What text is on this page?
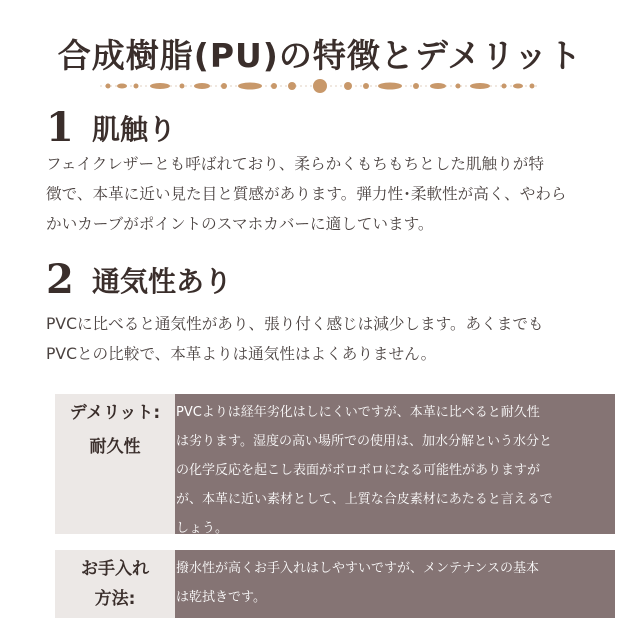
合成樹脂(PU)の特徴とデメリット
1 肌触り
フェイクレザーとも呼ばれており、柔らかくもちもちとした肌触りが特
徴で、本革に近い見た目と質感があります。弾力性･柔軟性が高く、やわら
かいカーブがポイントのスマホカバーに適しています。
2 通気性あり
PVCに比べると通気性があり、張り付く感じは減少します。あくまでも
PVCとの比較で、本革よりは通気性はよくありません。
デメリット:
耐久性
PVCよりは経年劣化はしにくいですが、本革に比べると耐久性
は劣ります。湿度の高い場所での使用は、加水分解という水分と
の化学反応を起こし表面がボロボロになる可能性がありますが
が、本革に近い素材として、上質な合皮素材にあたると言えるで
しょう。
お手入れ
方法:
撥水性が高くお手入れはしやすいですが、メンテナンスの基本
は乾拭きです。
